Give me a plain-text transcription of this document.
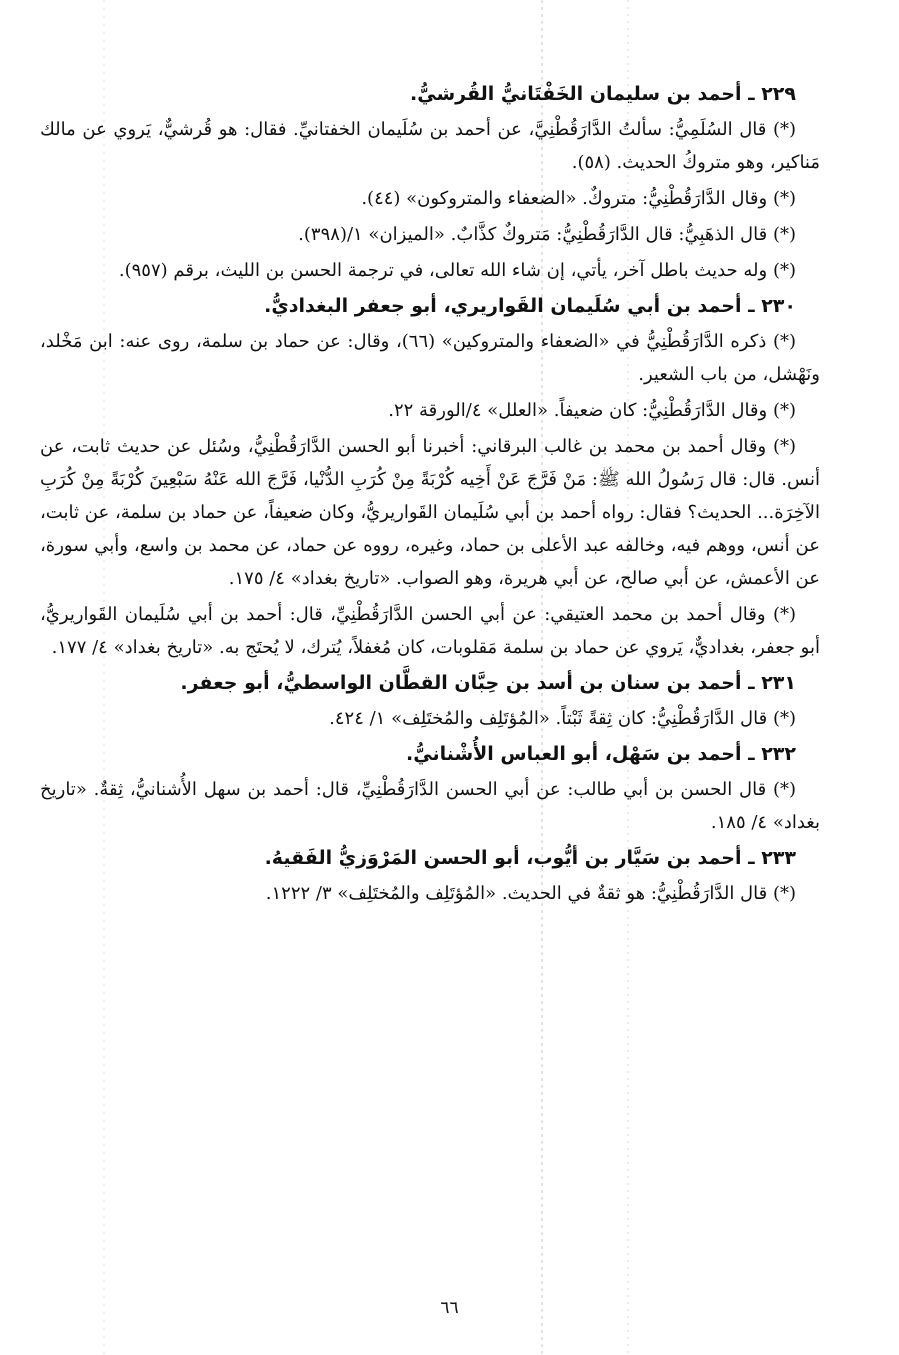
٢٢٩ ـ أحمد بن سليمان الخَفْتَانيُّ القُرشيُّ.

(*) قال السُلَمِيُّ: سألتُ الدَّارَقُطْنِيَّ، عن أحمد بن سُلَيمان الخفتانيِّ. فقال: هو قُرشيٌّ، يَروي عن مالك مَناكير، وهو متروكُ الحديث. (٥٨).

(*) وقال الدَّارَقُطْنِيُّ: متروكٌ. «الضعفاء والمتروكون» (٤٤).

(*) قال الذهَبِيُّ: قال الدَّارَقُطْنِيُّ: مَتروكٌ كذَّابٌ. «الميزان» ١/(٣٩٨).

(*) وله حديث باطل آخر، يأتي، إن شاء الله تعالى، في ترجمة الحسن بن الليث، برقم (٩٥٧).

٢٣٠ ـ أحمد بن أبي سُلَيمان القَواريري، أبو جعفر البغداديُّ.

(*) ذكره الدَّارَقُطْنِيُّ في «الضعفاء والمتروكين» (٦٦)، وقال: عن حماد بن سلمة، روى عنه: ابن مَخْلد، ونَهْشل، من باب الشعير.

(*) وقال الدَّارَقُطْنِيُّ: كان ضعيفاً. «العلل» ٤/الورقة ٢٢.

(*) وقال أحمد بن محمد بن غالب البرقاني: أخبرنا أبو الحسن الدَّارَقُطْنِيُّ، وسُئل عن حديث ثابت، عن أنس. قال: قال رَسُولُ الله ﷺ: مَنْ فَرَّجَ عَنْ أَخِيه كُرْبَةً مِنْ كُرَبِ الدُّنْيا، فَرَّجَ الله عَنْهُ سَبْعِينَ كُرْبَةً مِنْ كُرَبِ الآخِرَة... الحديث؟ فقال: رواه أحمد بن أبي سُلَيمان القَواريريُّ، وكان ضعيفاً، عن حماد بن سلمة، عن ثابت، عن أنس، ووهم فيه، وخالفه عبد الأعلى بن حماد، وغيره، رووه عن حماد، عن محمد بن واسع، وأبي سورة، عن الأعمش، عن أبي صالح، عن أبي هريرة، وهو الصواب. «تاريخ بغداد» ٤/ ١٧٥.

(*) وقال أحمد بن محمد العتيقي: عن أبي الحسن الدَّارَقُطْنِيِّ، قال: أحمد بن أبي سُلَيمان القَواريريُّ، أبو جعفر، بغداديٌّ، يَروي عن حماد بن سلمة مَقلوبات، كان مُغفلاً، يُترك، لا يُحتَج به. «تاريخ بغداد» ٤/ ١٧٧.

٢٣١ ـ أحمد بن سنان بن أسد بن حِبَّان القطَّان الواسطيُّ، أبو جعفر.

(*) قال الدَّارَقُطْنِيُّ: كان ثِقةً ثَبْتاً. «المُؤتَلِف والمُختَلِف» ١/ ٤٢٤.

٢٣٢ ـ أحمد بن سَهْل، أبو العباس الأُشْنانيُّ.

(*) قال الحسن بن أبي طالب: عن أبي الحسن الدَّارَقُطْنِيِّ، قال: أحمد بن سهل الأُشنانيُّ، ثِقةٌ. «تاريخ بغداد» ٤/ ١٨٥.

٢٣٣ ـ أحمد بن سَيَّار بن أيُّوب، أبو الحسن المَرْوَزيُّ الفَقيهُ.

(*) قال الدَّارَقُطْنِيُّ: هو ثقةٌ في الحديث. «المُؤتَلِف والمُختَلِف» ٣/ ١٢٢٢.

٦٦
